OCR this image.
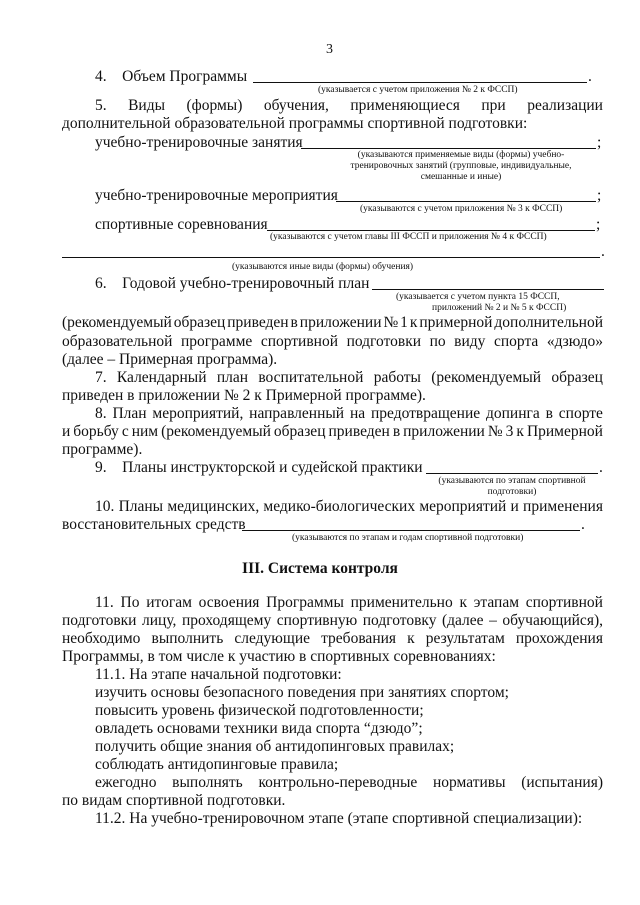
3
4.    Объем Программы	.
(указывается с учетом приложения № 2 к ФССП)
5. Виды (формы) обучения, применяющиеся при реализации
дополнительной образовательной программы спортивной подготовки:
учебно-тренировочные занятия	;
(указываются применяемые виды (формы) учебно-
тренировочных занятий (групповые, индивидуальные,
смешанные и иные)
учебно-тренировочные мероприятия	;
(указываются с учетом приложения № 3 к ФССП)
спортивные соревнования	;
(указываются с учетом главы III ФССП и приложения № 4 к ФССП)
.
(указываются иные виды (формы) обучения)
6.    Годовой учебно-тренировочный план
(указывается с учетом пункта 15 ФССП,
приложений № 2 и № 5 к ФССП)
(рекомендуемый образец приведен в приложении № 1 к примерной дополнительной
образовательной программе спортивной подготовки по виду спорта «дзюдо»
(далее – Примерная программа).
7. Календарный план воспитательной работы (рекомендуемый образец
приведен в приложении № 2 к Примерной программе).
8. План мероприятий, направленный на предотвращение допинга в спорте
и борьбу с ним (рекомендуемый образец приведен в приложении № 3 к Примерной
программе).
9.    Планы инструкторской и судейской практики	.
(указываются по этапам спортивной
подготовки)
10. Планы медицинских, медико-биологических мероприятий и применения
восстановительных средств	.
(указываются по этапам и годам спортивной подготовки)
III. Система контроля
11. По итогам освоения Программы применительно к этапам спортивной
подготовки лицу, проходящему спортивную подготовку (далее – обучающийся),
необходимо выполнить следующие требования к результатам прохождения
Программы, в том числе к участию в спортивных соревнованиях:
11.1. На этапе начальной подготовки:
изучить основы безопасного поведения при занятиях спортом;
повысить уровень физической подготовленности;
овладеть основами техники вида спорта “дзюдо”;
получить общие знания об антидопинговых правилах;
соблюдать антидопинговые правила;
ежегодно выполнять контрольно-переводные нормативы (испытания)
по видам спортивной подготовки.
11.2. На учебно-тренировочном этапе (этапе спортивной специализации):
